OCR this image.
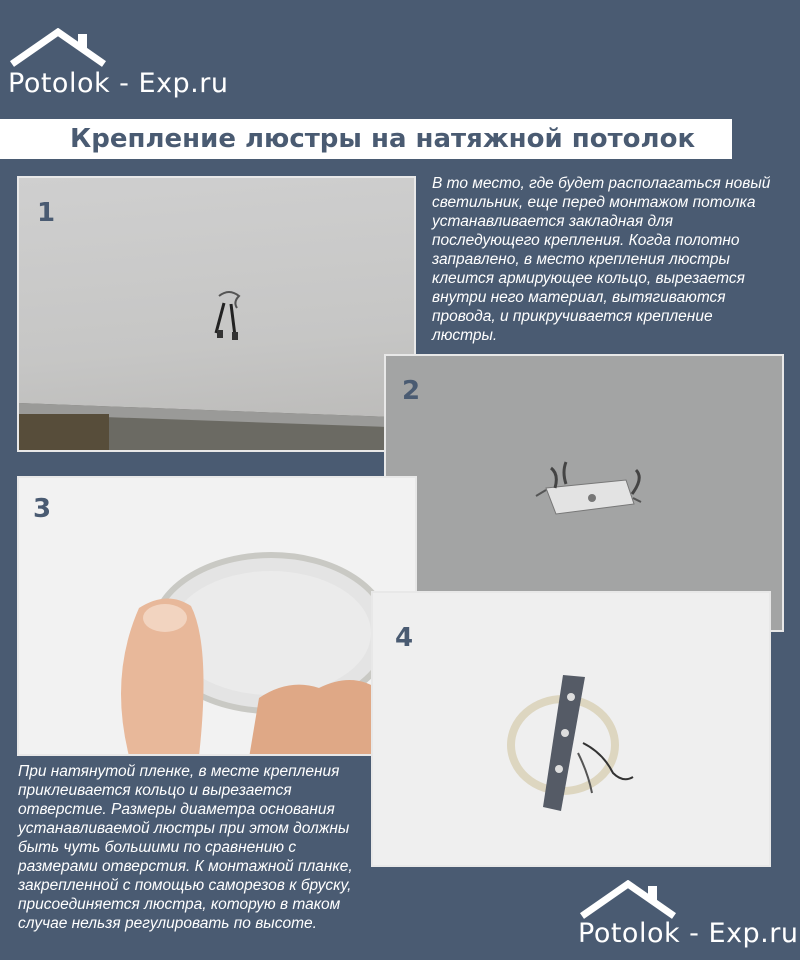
Potolok - Exp.ru
Крепление люстры на натяжной потолок
1
В то место, где будет располагаться новый светильник, еще перед монтажом потолка устанавливается закладная для последующего крепления. Когда полотно заправлено, в место крепления люстры клеится армирующее кольцо, вырезается внутри него материал, вытягиваются провода, и прикручивается крепление люстры.
2
3
4
При натянутой пленке, в месте крепления приклеивается кольцо и вырезается отверстие. Размеры диаметра основания устанавливаемой люстры при этом должны быть чуть большими по сравнению с размерами отверстия. К монтажной планке, закрепленной с помощью саморезов к бруску, присоединяется люстра, которую в таком случае нельзя регулировать по высоте.	Potolok - Exp.ru
